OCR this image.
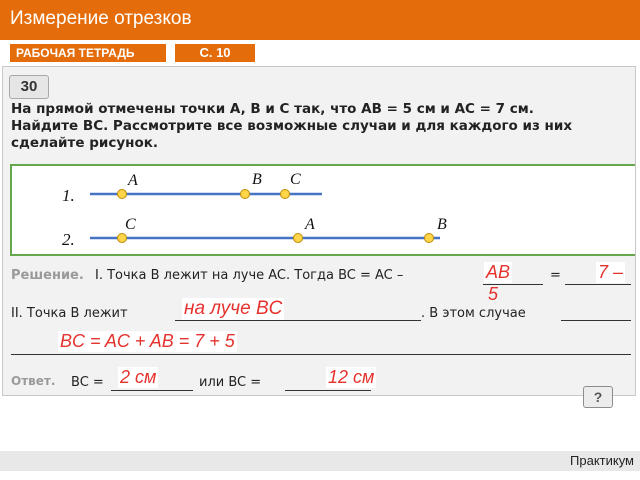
Измерение отрезков
РАБОЧАЯ ТЕТРАДЬ	С. 10
30
На прямой отмечены точки A, B и C так, что AB = 5 см и AC = 7 см.
Найдите BC. Рассмотрите все возможные случаи и для каждого из них
сделайте рисунок.
1.
A	B C
2.
C	A	B
Решение. I. Точка B лежит на луче AC. Тогда BC = AC –	=
II. Точка B лежит	. В этом случае
Ответ. BC =	или BC =
AB	7 –
5
на луче BC
BC = AC + AB = 7 + 5
2 см	12 см
?
Практикум
